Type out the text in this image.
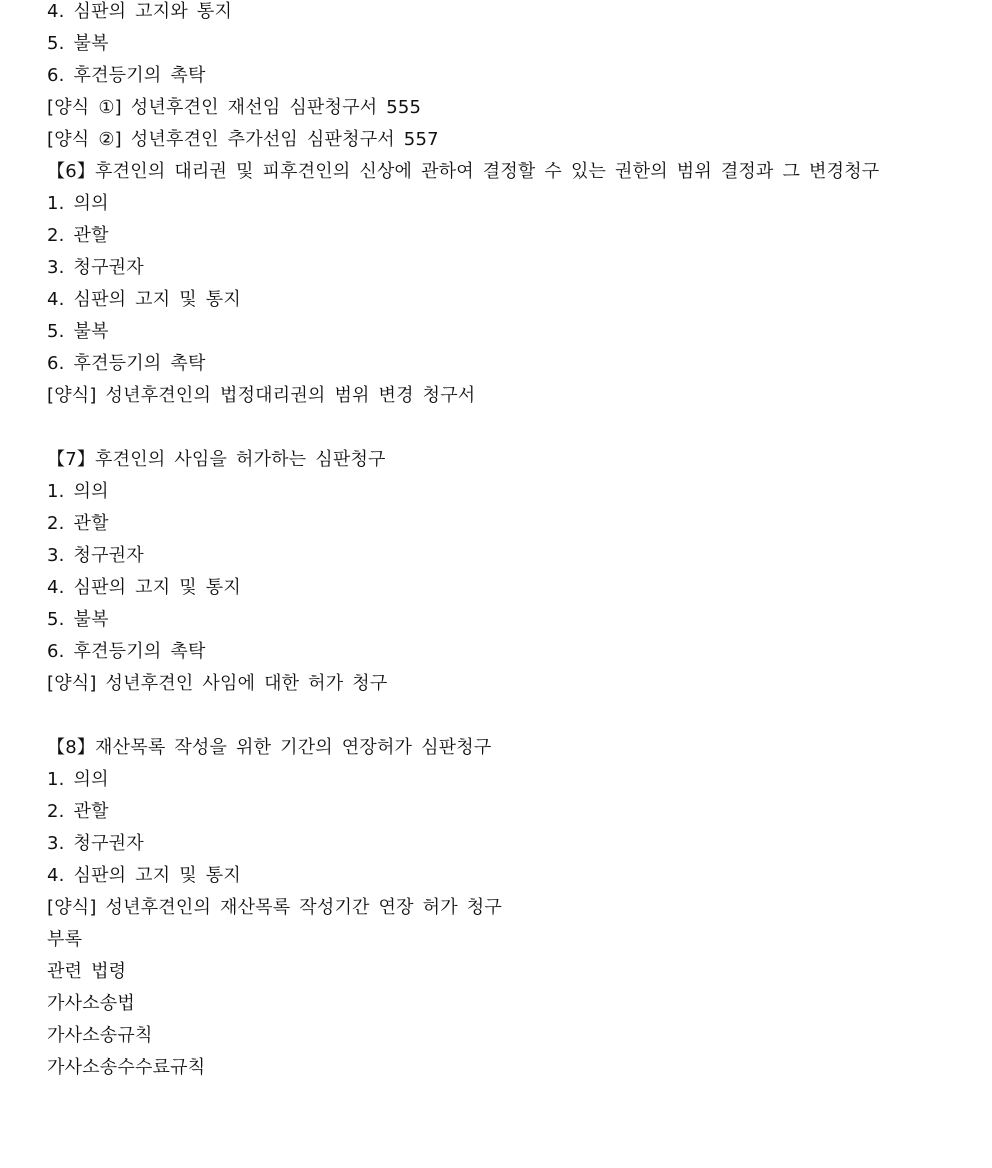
4. 심판의 고지와 통지
5. 불복
6. 후견등기의 촉탁
[양식 ①] 성년후견인 재선임 심판청구서 555
[양식 ②] 성년후견인 추가선임 심판청구서 557
【6】후견인의 대리권 및 피후견인의 신상에 관하여 결정할 수 있는 권한의 범위 결정과 그 변경청구
1. 의의
2. 관할
3. 청구권자
4. 심판의 고지 및 통지
5. 불복
6. 후견등기의 촉탁
[양식] 성년후견인의 법정대리권의 범위 변경 청구서
【7】후견인의 사임을 허가하는 심판청구
1. 의의
2. 관할
3. 청구권자
4. 심판의 고지 및 통지
5. 불복
6. 후견등기의 촉탁
[양식] 성년후견인 사임에 대한 허가 청구
【8】재산목록 작성을 위한 기간의 연장허가 심판청구
1. 의의
2. 관할
3. 청구권자
4. 심판의 고지 및 통지
[양식] 성년후견인의 재산목록 작성기간 연장 허가 청구
부록
관련 법령
가사소송법
가사소송규칙
가사소송수수료규칙
